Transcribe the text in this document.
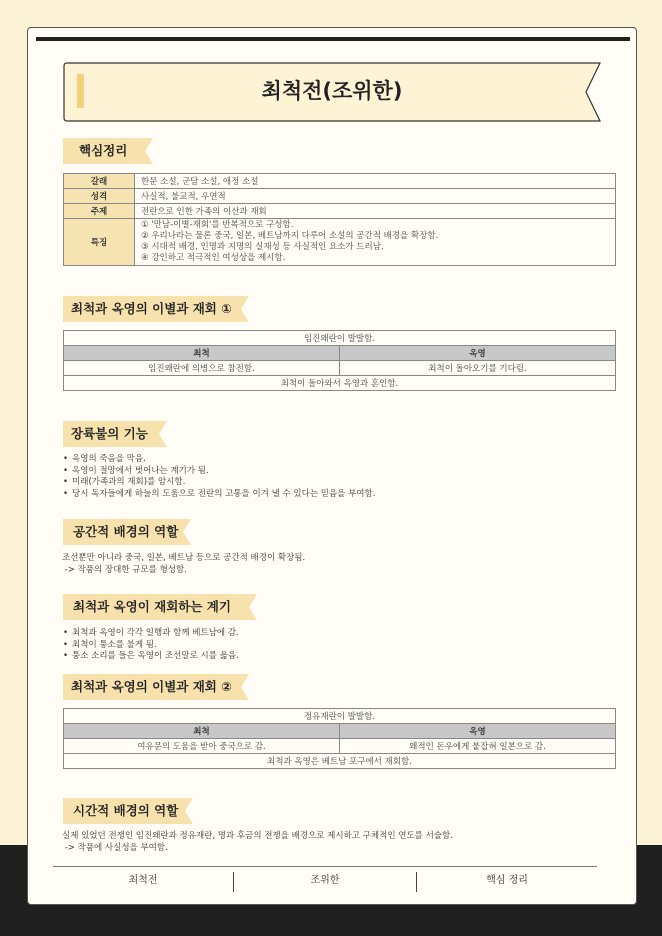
최척전(조위한)
핵심정리
갈래	한문 소설, 군담 소설, 애정 소설
성격	사실적, 불교적, 우연적
주제	전란으로 인한 가족의 이산과 재회
특징	① '만남-이별-재회'를 반복적으로 구성함.
② 우리나라는 물론 중국, 일본, 베트남까지 다루어 소설의 공간적 배경을 확장함.
③ 시대적 배경, 인명과 지명의 실재성 등 사실적인 요소가 드러남.
④ 강인하고 적극적인 여성상을 제시함.
최척과 옥영의 이별과 재회 ①
임진왜란이 발발함.	
최척	옥영
임진왜란에 의병으로 참전함.	최척이 돌아오기를 기다림.
최척이 돌아와서 옥영과 혼인함.	
장륙불의 기능
• 옥영의 죽음을 막음.
• 옥영이 절망에서 벗어나는 계기가 됨.
• 미래(가족과의 재회)를 암시함.
• 당시 독자들에게 하늘의 도움으로 전란의 고통을 이겨 낼 수 있다는 믿음을 부여함.
공간적 배경의 역할
조선뿐만 아니라 중국, 일본, 베트남 등으로 공간적 배경이 확장됨.
-> 작품의 장대한 규모를 형성함.
최척과 옥영이 재회하는 계기
• 최척과 옥영이 각각 일행과 함께 베트남에 감.
• 최척이 퉁소를 불게 됨.
• 퉁소 소리를 들은 옥영이 조선말로 시를 읊음.
최척과 옥영의 이별과 재회 ②
정유재란이 발발함.	
최척	옥영
여유문의 도움을 받아 중국으로 감.	왜적인 돈우에게 붙잡혀 일본으로 감.
최척과 옥영은 베트남 포구에서 재회함.	
시간적 배경의 역할
실제 있었던 전쟁인 임진왜란과 정유재란, 명과 후금의 전쟁을 배경으로 제시하고 구체적인 연도를 서술함.
-> 작품에 사실성을 부여함.
최척전	조위한	핵심 정리
